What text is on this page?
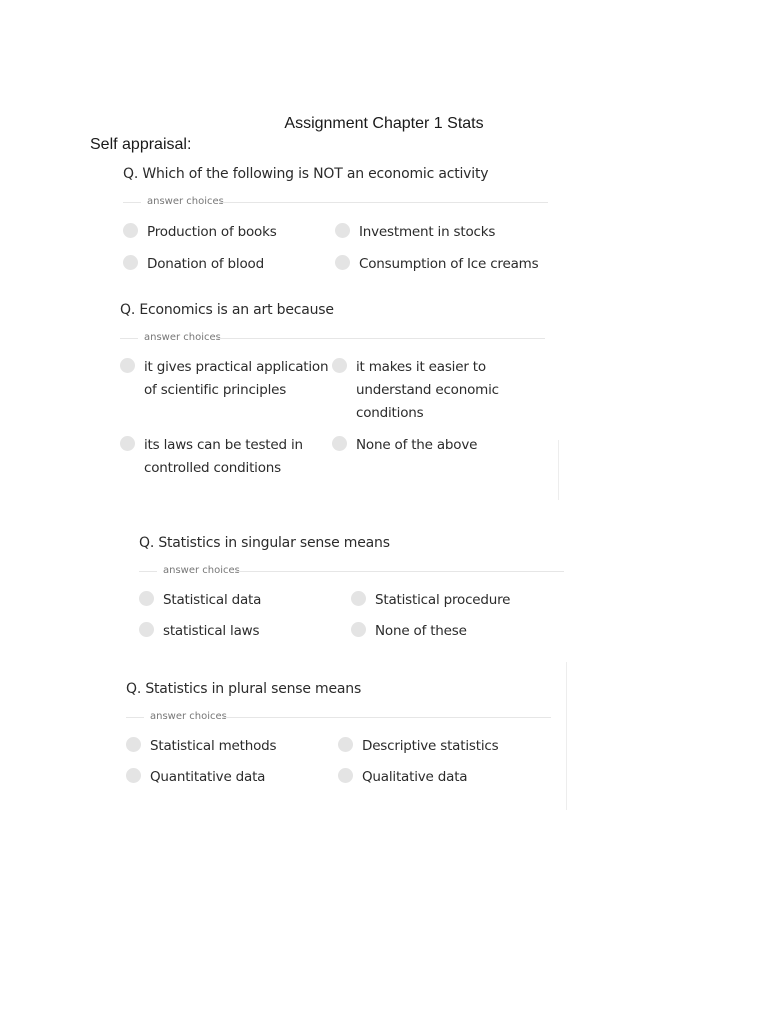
Assignment Chapter 1 Stats
Self appraisal:
Q. Which of the following is NOT an economic activity
answer choices
Production of books	Investment in stocks
Donation of blood	Consumption of Ice creams
Q. Economics is an art because
answer choices
it gives practical application of scientific principles
it makes it easier to understand economic conditions
its laws can be tested in controlled conditions
None of the above
Q. Statistics in singular sense means
answer choices
Statistical data	Statistical procedure
statistical laws	None of these
Q. Statistics in plural sense means
answer choices
Statistical methods	Descriptive statistics
Quantitative data	Qualitative data
